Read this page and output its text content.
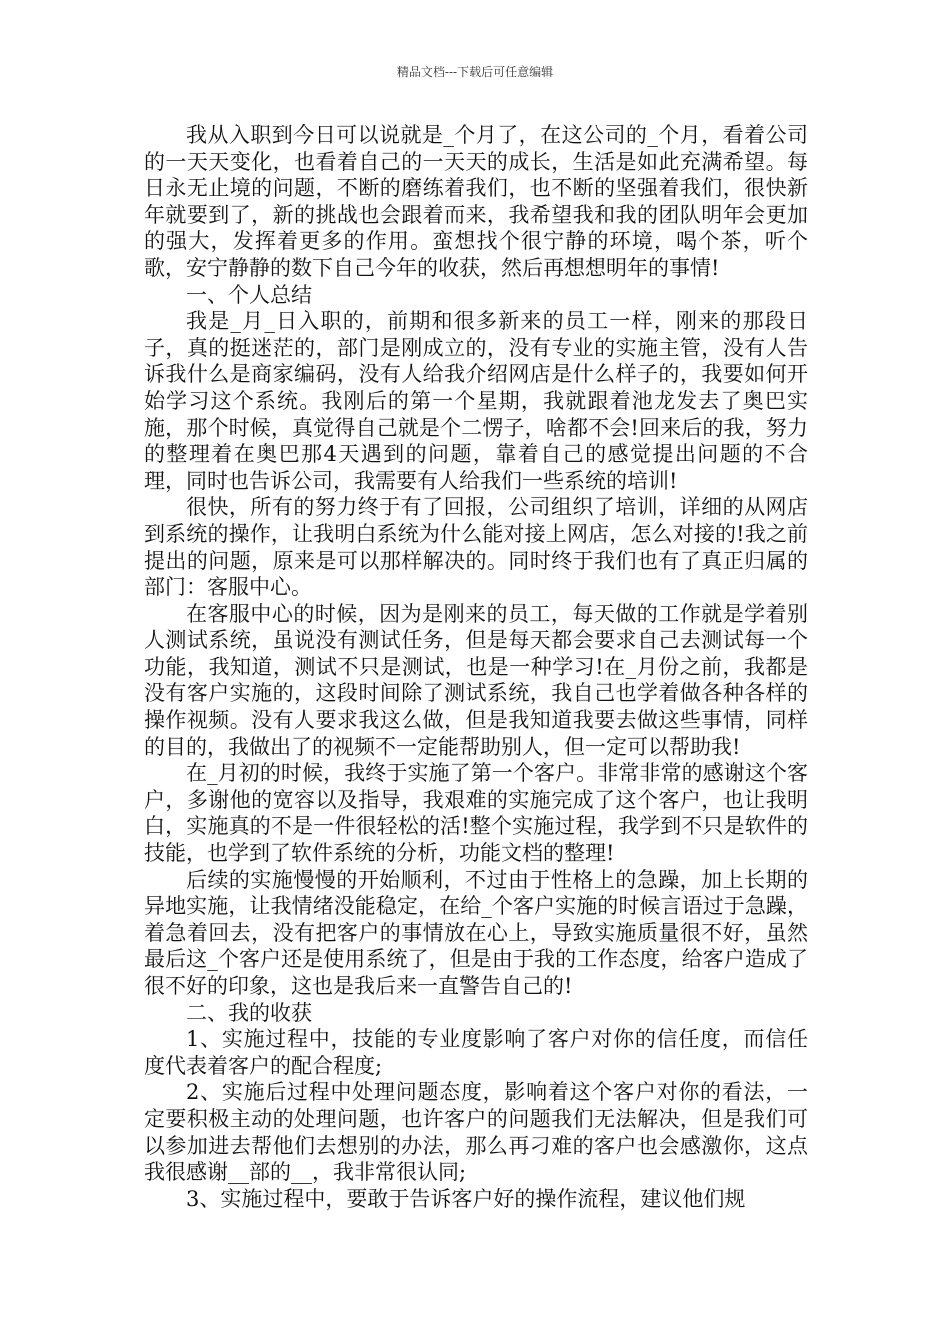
精品文档---下载后可任意编辑

我从入职到今日可以说就是_个月了，在这公司的_个月，看着公司的一天天变化，也看着自己的一天天的成长，生活是如此充满希望。每日永无止境的问题，不断的磨练着我们，也不断的坚强着我们，很快新年就要到了，新的挑战也会跟着而来，我希望我和我的团队明年会更加的强大，发挥着更多的作用。蛮想找个很宁静的环境，喝个茶，听个歌，安宁静静的数下自己今年的收获，然后再想想明年的事情!

一、个人总结

我是_月_日入职的，前期和很多新来的员工一样，刚来的那段日子，真的挺迷茫的，部门是刚成立的，没有专业的实施主管，没有人告诉我什么是商家编码，没有人给我介绍网店是什么样子的，我要如何开始学习这个系统。我刚后的第一个星期，我就跟着池龙发去了奥巴实施，那个时候，真觉得自己就是个二愣子，啥都不会!回来后的我，努力的整理着在奥巴那4天遇到的问题，靠着自己的感觉提出问题的不合理，同时也告诉公司，我需要有人给我们一些系统的培训!

很快，所有的努力终于有了回报，公司组织了培训，详细的从网店到系统的操作，让我明白系统为什么能对接上网店，怎么对接的!我之前提出的问题，原来是可以那样解决的。同时终于我们也有了真正归属的部门：客服中心。

在客服中心的时候，因为是刚来的员工，每天做的工作就是学着别人测试系统，虽说没有测试任务，但是每天都会要求自己去测试每一个功能，我知道，测试不只是测试，也是一种学习!在_月份之前，我都是没有客户实施的，这段时间除了测试系统，我自己也学着做各种各样的操作视频。没有人要求我这么做，但是我知道我要去做这些事情，同样的目的，我做出了的视频不一定能帮助别人，但一定可以帮助我!

在_月初的时候，我终于实施了第一个客户。非常非常的感谢这个客户，多谢他的宽容以及指导，我艰难的实施完成了这个客户，也让我明白，实施真的不是一件很轻松的活!整个实施过程，我学到不只是软件的技能，也学到了软件系统的分析，功能文档的整理!

后续的实施慢慢的开始顺利，不过由于性格上的急躁，加上长期的异地实施，让我情绪没能稳定，在给_个客户实施的时候言语过于急躁，着急着回去，没有把客户的事情放在心上，导致实施质量很不好，虽然最后这_个客户还是使用系统了，但是由于我的工作态度，给客户造成了很不好的印象，这也是我后来一直警告自己的!

二、我的收获

1、实施过程中，技能的专业度影响了客户对你的信任度，而信任度代表着客户的配合程度;

2、实施后过程中处理问题态度，影响着这个客户对你的看法，一定要积极主动的处理问题，也许客户的问题我们无法解决，但是我们可以参加进去帮他们去想别的办法，那么再刁难的客户也会感激你，这点我很感谢__部的__，我非常很认同;

3、实施过程中，要敢于告诉客户好的操作流程，建议他们规
